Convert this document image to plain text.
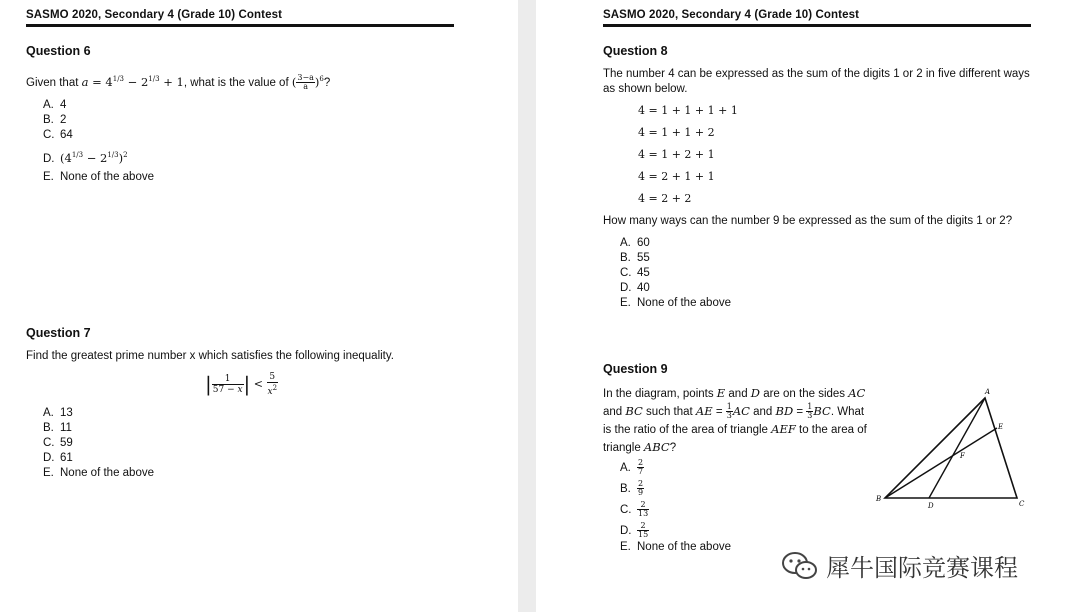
SASMO 2020, Secondary 4 (Grade 10) Contest
Question 6
Given that $a = 4^{1/3} - 2^{1/3} + 1$, what is the value of ( $\frac{3-a}{a} )^6$?
A. 4
B. 2
C. 64
D. $(4^{1/3} - 2^{1/3})^2$
E. None of the above
Question 7
Find the greatest prime number x which satisfies the following inequality.
| $\frac{1}{57 - x}$ | < $\frac{5}{x^2}$
A. 13
B. 11
C. 59
D. 61
E. None of the above
SASMO 2020, Secondary 4 (Grade 10) Contest
Question 8
The number 4 can be expressed as the sum of the digits 1 or 2 in five different ways
as shown below.
4 = 1 + 1 + 1 + 1
4 = 1 + 1 + 2
4 = 1 + 2 + 1
4 = 2 + 1 + 1
4 = 2 + 2
How many ways can the number 9 be expressed as the sum of the digits 1 or 2?
A. 60
B. 55
C. 45
D. 40
E. None of the above
Question 9
In the diagram, points E and D are on the sides AC and BC such that AE = $\frac{1}{3}$ AC and BD = $\frac{1}{3}$ BC. What is the ratio of the area of triangle AEF to the area of triangle ABC?
A. $\frac{2}{7}$
B. $\frac{2}{9}$
C. $\frac{2}{13}$
D. $\frac{2}{15}$
E. None of the above
A
B
C
D
E
F
犀牛国际竞赛课程
